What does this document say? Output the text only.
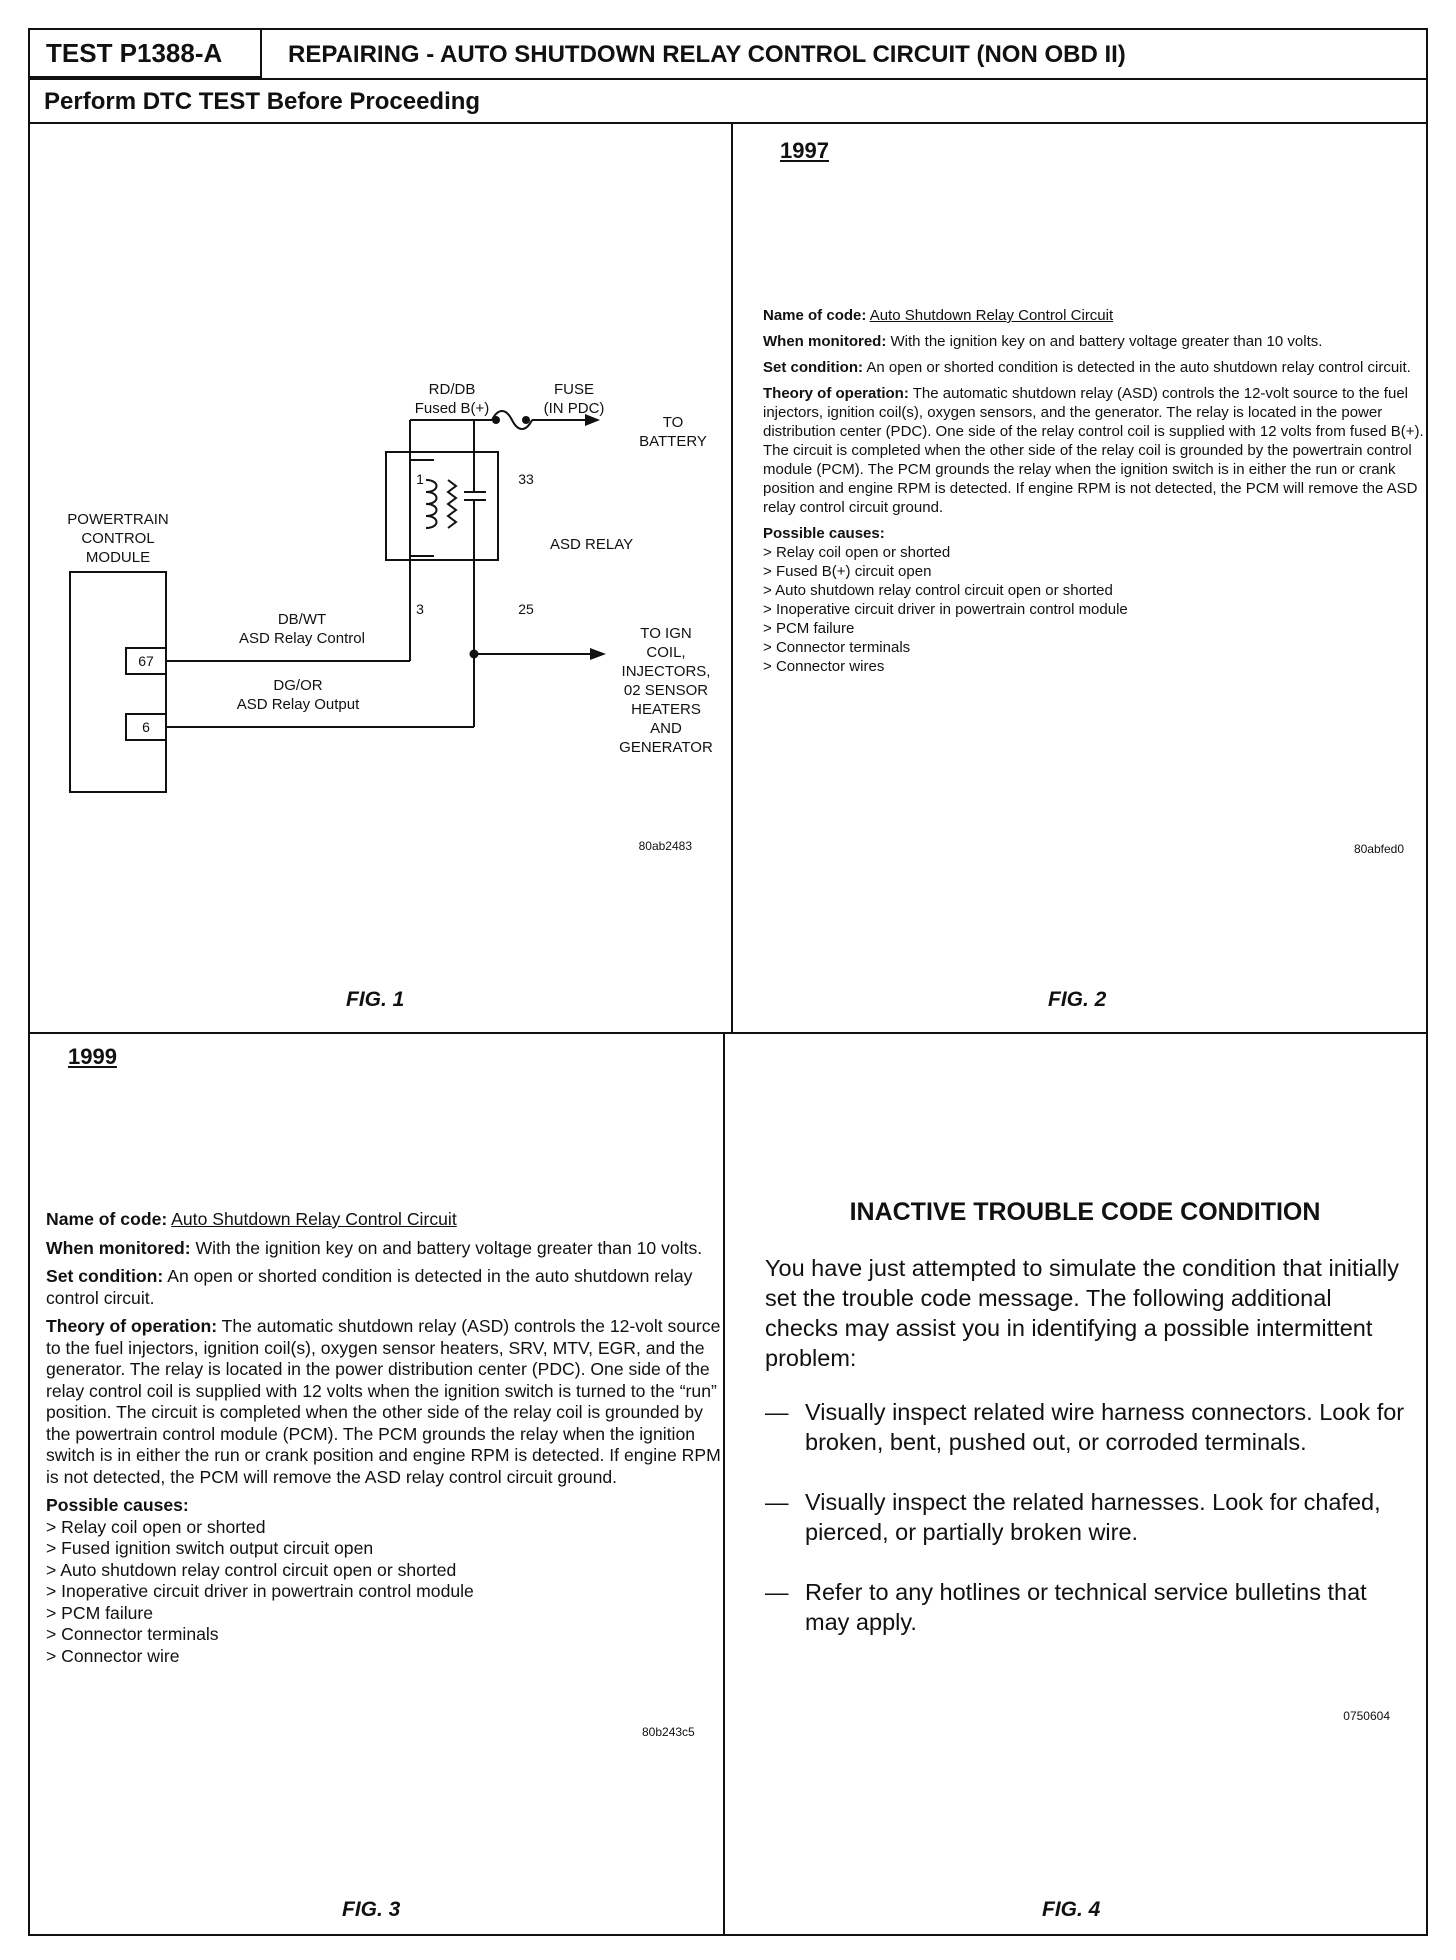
TEST P1388-A	REPAIRING - AUTO SHUTDOWN RELAY CONTROL CIRCUIT (NON OBD II)
Perform DTC TEST Before Proceeding
POWERTRAIN
CONTROL
MODULE
RD/DB
Fused B(+)
FUSE
(IN PDC)
TO
BATTERY
1	33
3	25
ASD RELAY
DB/WT
ASD Relay Control
DG/OR
ASD Relay Output
67
6
TO IGN
COIL,
INJECTORS,
02 SENSOR
HEATERS
AND
GENERATOR
80ab2483
FIG. 1
1997

Name of code: Auto Shutdown Relay Control Circuit

When monitored: With the ignition key on and battery voltage greater than 10 volts.

Set condition: An open or shorted condition is detected in the auto shutdown relay control circuit.

Theory of operation: The automatic shutdown relay (ASD) controls the 12-volt source to the fuel injectors, ignition coil(s), oxygen sensors, and the generator. The relay is located in the power distribution center (PDC). One side of the relay control coil is supplied with 12 volts from fused B(+). The circuit is completed when the other side of the relay coil is grounded by the powertrain control module (PCM). The PCM grounds the relay when the ignition switch is in either the run or crank position and engine RPM is detected. If engine RPM is not detected, the PCM will remove the ASD relay control circuit ground.

Possible causes:
> Relay coil open or shorted
> Fused B(+) circuit open
> Auto shutdown relay control circuit open or shorted
> Inoperative circuit driver in powertrain control module
> PCM failure
> Connector terminals
> Connector wires
80abfed0
FIG. 2
1999

Name of code: Auto Shutdown Relay Control Circuit

When monitored: With the ignition key on and battery voltage greater than 10 volts.

Set condition: An open or shorted condition is detected in the auto shutdown relay control circuit.

Theory of operation: The automatic shutdown relay (ASD) controls the 12-volt source to the fuel injectors, ignition coil(s), oxygen sensor heaters, SRV, MTV, EGR, and the generator. The relay is located in the power distribution center (PDC). One side of the relay control coil is supplied with 12 volts when the ignition switch is turned to the “run” position. The circuit is completed when the other side of the relay coil is grounded by the powertrain control module (PCM). The PCM grounds the relay when the ignition switch is in either the run or crank position and engine RPM is detected. If engine RPM is not detected, the PCM will remove the ASD relay control circuit ground.

Possible causes:
> Relay coil open or shorted
> Fused ignition switch output circuit open
> Auto shutdown relay control circuit open or shorted
> Inoperative circuit driver in powertrain control module
> PCM failure
> Connector terminals
> Connector wire
80b243c5
FIG. 3
INACTIVE TROUBLE CODE CONDITION

You have just attempted to simulate the condition that initially set the trouble code message. The following additional checks may assist you in identifying a possible intermittent problem:

— Visually inspect related wire harness connectors. Look for broken, bent, pushed out, or corroded terminals.
— Visually inspect the related harnesses. Look for chafed, pierced, or partially broken wire.
— Refer to any hotlines or technical service bulletins that may apply.
0750604
FIG. 4
